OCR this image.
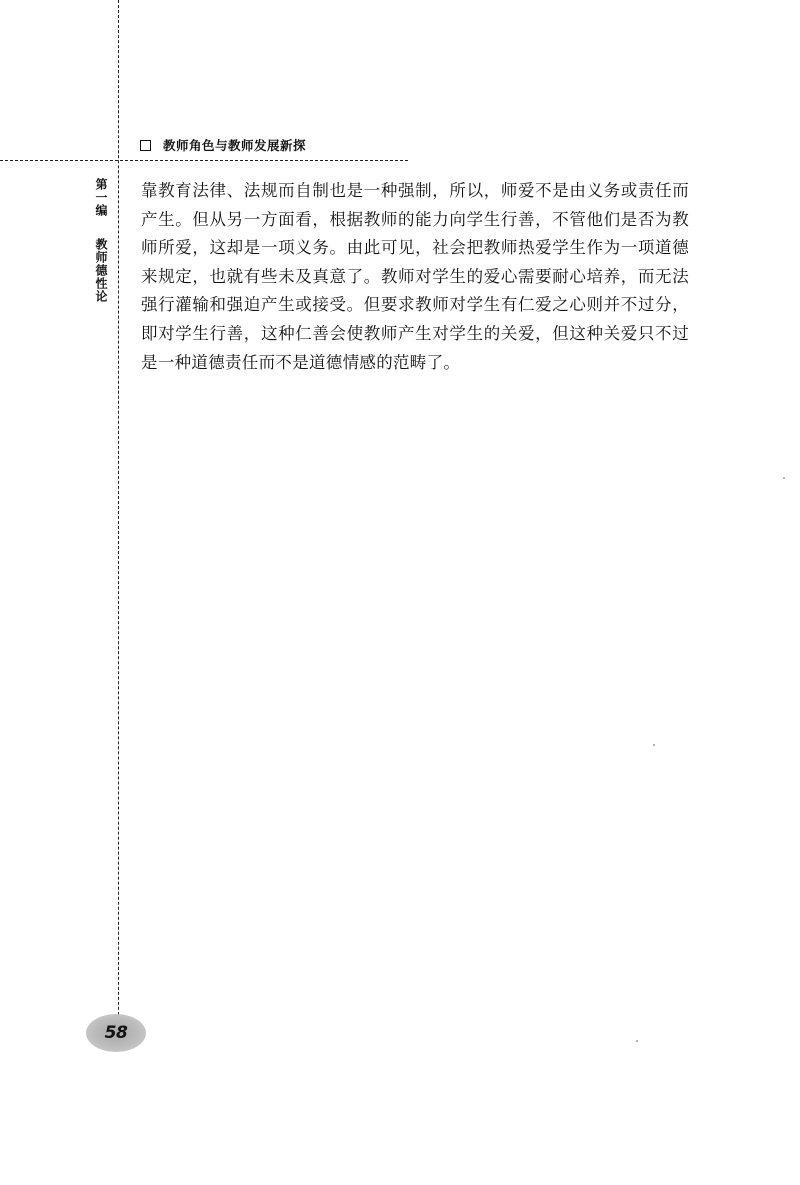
教师角色与教师发展新探
第一编
教师德性论

靠教育法律、法规而自制也是一种强制，所以，师爱不是由义务或责任而产生。但从另一方面看，根据教师的能力向学生行善，不管他们是否为教师所爱，这却是一项义务。由此可见，社会把教师热爱学生作为一项道德来规定，也就有些未及真意了。教师对学生的爱心需要耐心培养，而无法强行灌输和强迫产生或接受。但要求教师对学生有仁爱之心则并不过分，即对学生行善，这种仁善会使教师产生对学生的关爱，但这种关爱只不过是一种道德责任而不是道德情感的范畴了。

58
